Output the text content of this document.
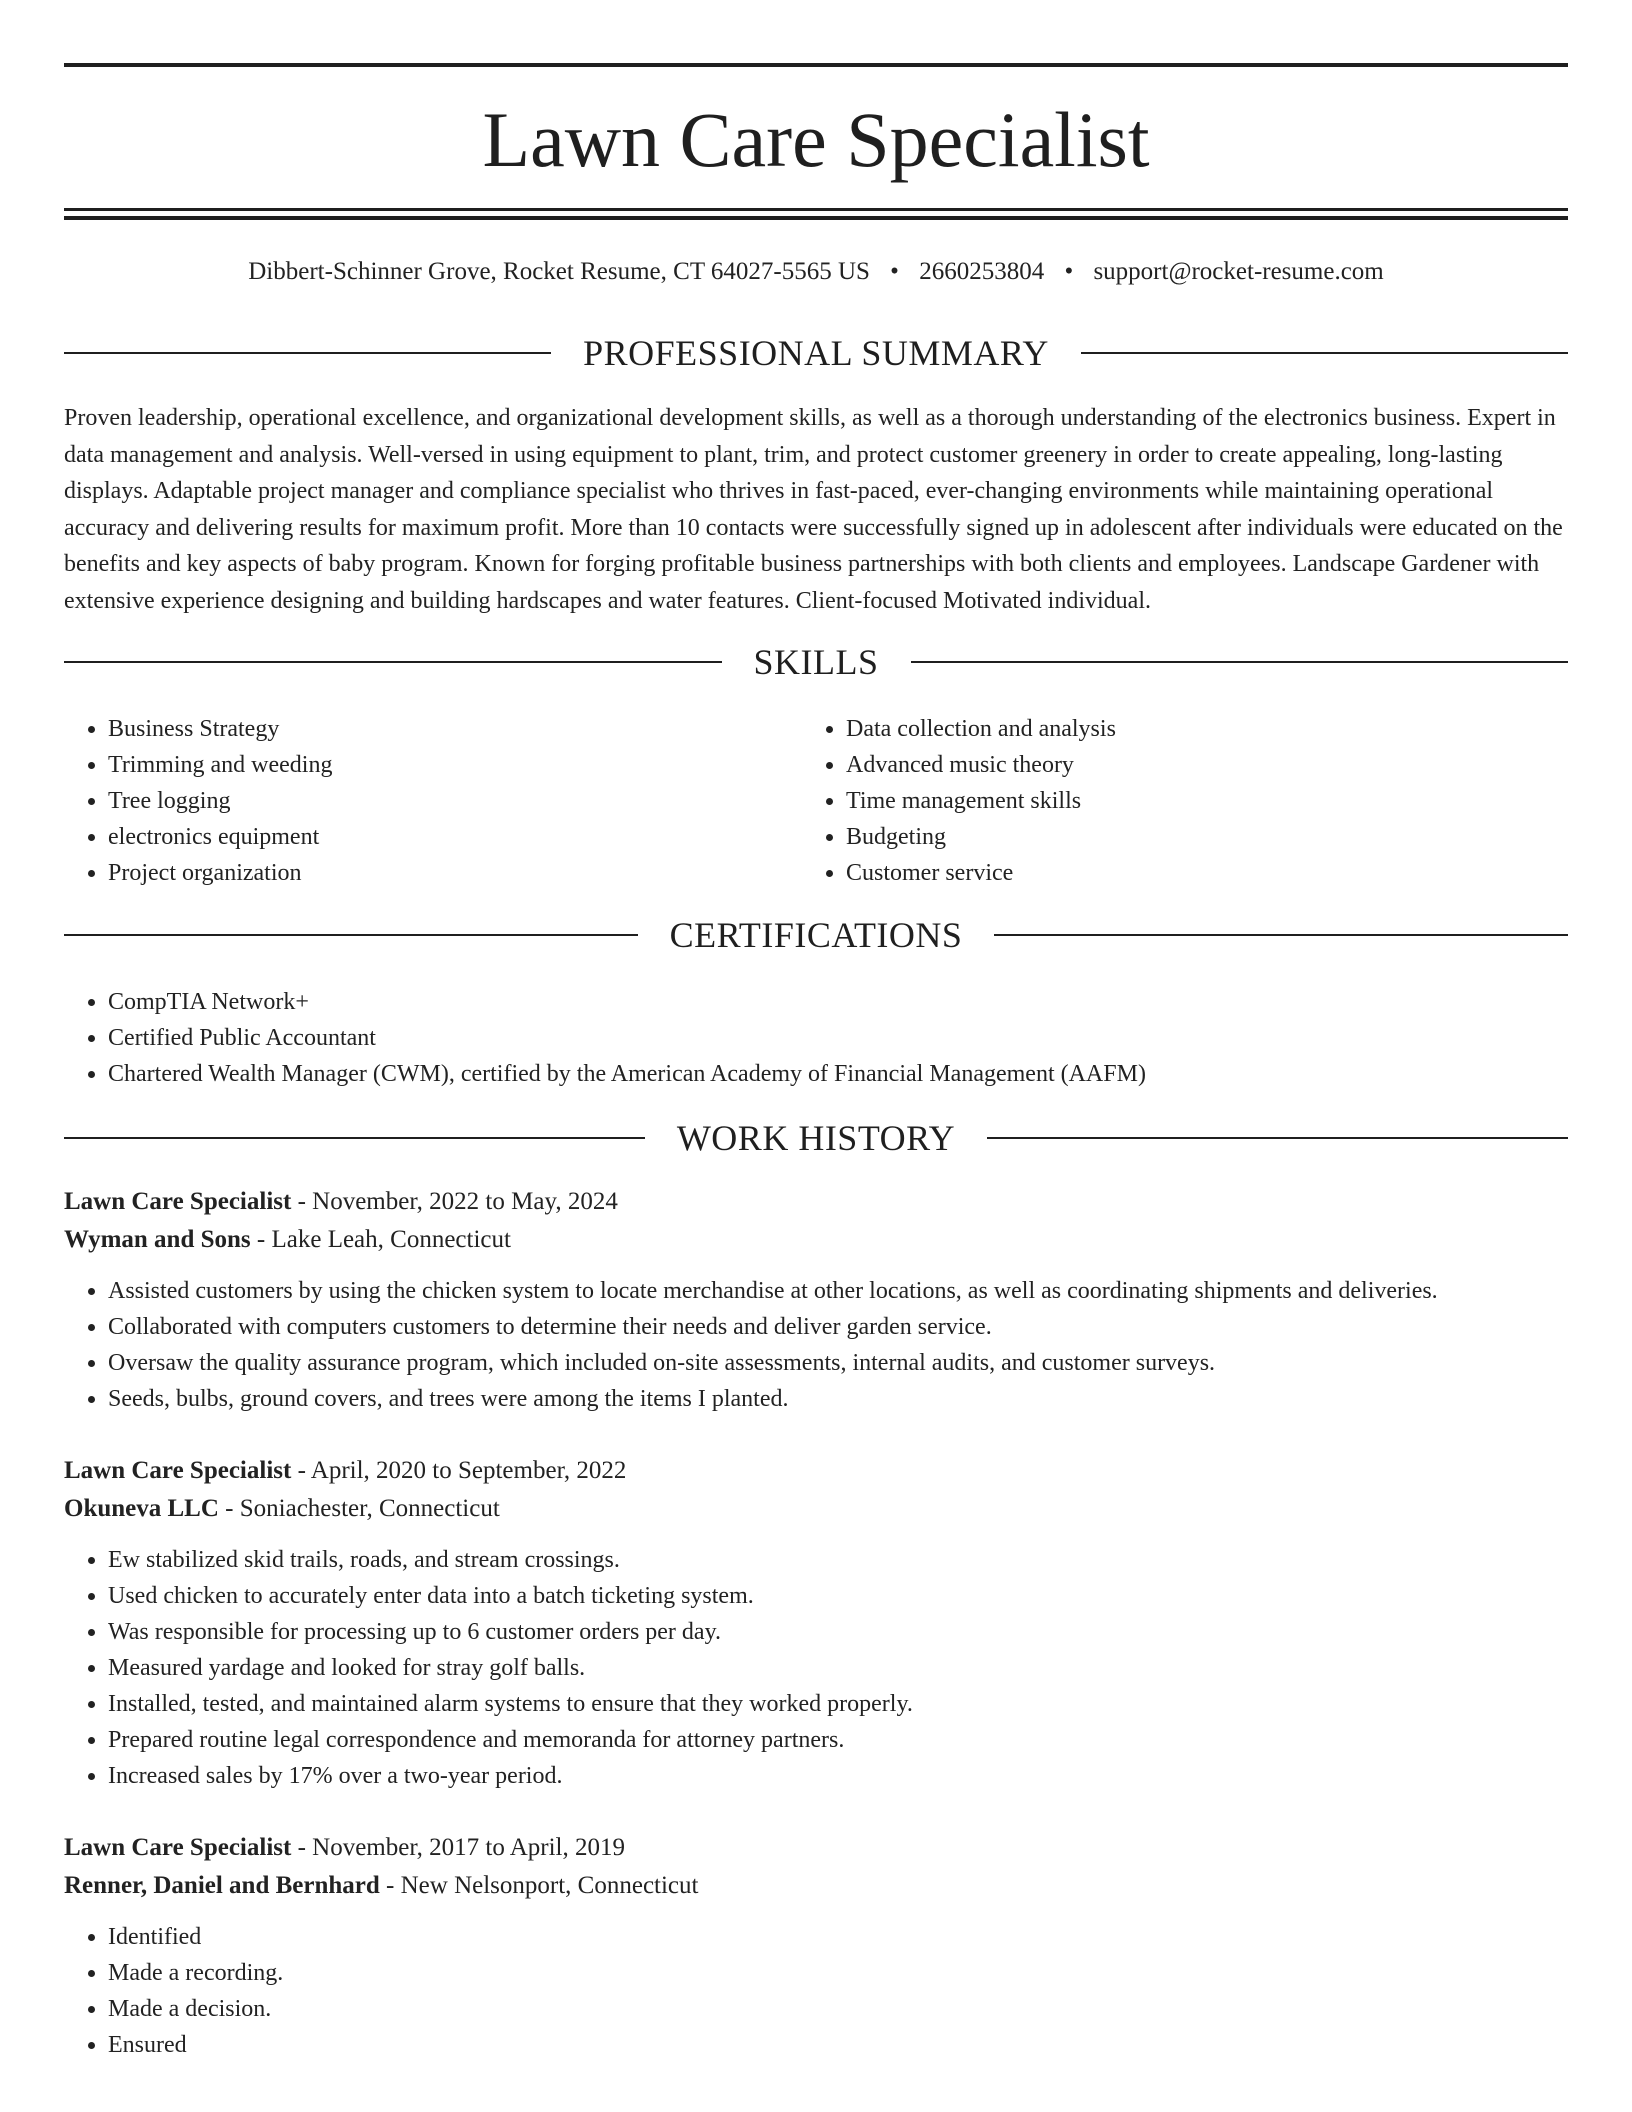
Lawn Care Specialist
Dibbert-Schinner Grove, Rocket Resume, CT 64027-5565 US • 2660253804 • support@rocket-resume.com
PROFESSIONAL SUMMARY

Proven leadership, operational excellence, and organizational development skills, as well as a thorough understanding of the electronics business. Expert in data management and analysis. Well-versed in using equipment to plant, trim, and protect customer greenery in order to create appealing, long-lasting displays. Adaptable project manager and compliance specialist who thrives in fast-paced, ever-changing environments while maintaining operational accuracy and delivering results for maximum profit. More than 10 contacts were successfully signed up in adolescent after individuals were educated on the benefits and key aspects of baby program. Known for forging profitable business partnerships with both clients and employees. Landscape Gardener with extensive experience designing and building hardscapes and water features. Client-focused Motivated individual.

SKILLS
• Business Strategy
• Trimming and weeding
• Tree logging
• electronics equipment
• Project organization
• Data collection and analysis
• Advanced music theory
• Time management skills
• Budgeting
• Customer service
CERTIFICATIONS
• CompTIA Network+
• Certified Public Accountant
• Chartered Wealth Manager (CWM), certified by the American Academy of Financial Management (AAFM)
WORK HISTORY
Lawn Care Specialist - November, 2022 to May, 2024
Wyman and Sons - Lake Leah, Connecticut
• Assisted customers by using the chicken system to locate merchandise at other locations, as well as coordinating shipments and deliveries.
• Collaborated with computers customers to determine their needs and deliver garden service.
• Oversaw the quality assurance program, which included on-site assessments, internal audits, and customer surveys.
• Seeds, bulbs, ground covers, and trees were among the items I planted.
Lawn Care Specialist - April, 2020 to September, 2022
Okuneva LLC - Soniachester, Connecticut
• Ew stabilized skid trails, roads, and stream crossings.
• Used chicken to accurately enter data into a batch ticketing system.
• Was responsible for processing up to 6 customer orders per day.
• Measured yardage and looked for stray golf balls.
• Installed, tested, and maintained alarm systems to ensure that they worked properly.
• Prepared routine legal correspondence and memoranda for attorney partners.
• Increased sales by 17% over a two-year period.
Lawn Care Specialist - November, 2017 to April, 2019
Renner, Daniel and Bernhard - New Nelsonport, Connecticut
• Identified
• Made a recording.
• Made a decision.
• Ensured
